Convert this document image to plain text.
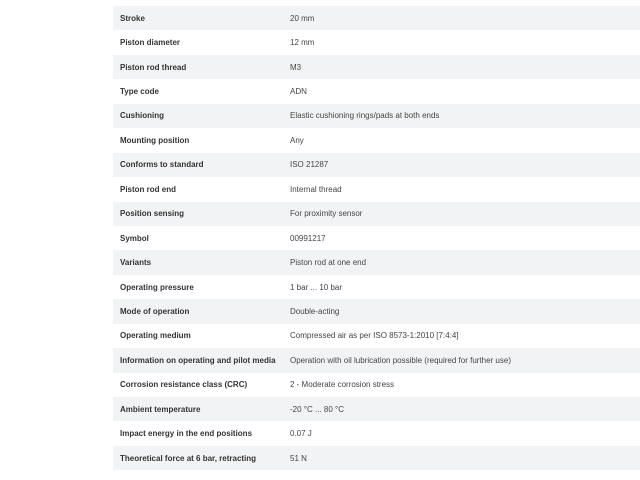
Stroke	20 mm
Piston diameter	12 mm
Piston rod thread	M3
Type code	ADN
Cushioning	Elastic cushioning rings/pads at both ends
Mounting position	Any
Conforms to standard	ISO 21287
Piston rod end	Internal thread
Position sensing	For proximity sensor
Symbol	00991217
Variants	Piston rod at one end
Operating pressure	1 bar ... 10 bar
Mode of operation	Double-acting
Operating medium	Compressed air as per ISO 8573-1:2010 [7:4:4]
Information on operating and pilot media	Operation with oil lubrication possible (required for further use)
Corrosion resistance class (CRC)	2 - Moderate corrosion stress
Ambient temperature	-20 °C ... 80 °C
Impact energy in the end positions	0.07 J
Theoretical force at 6 bar, retracting	51 N
